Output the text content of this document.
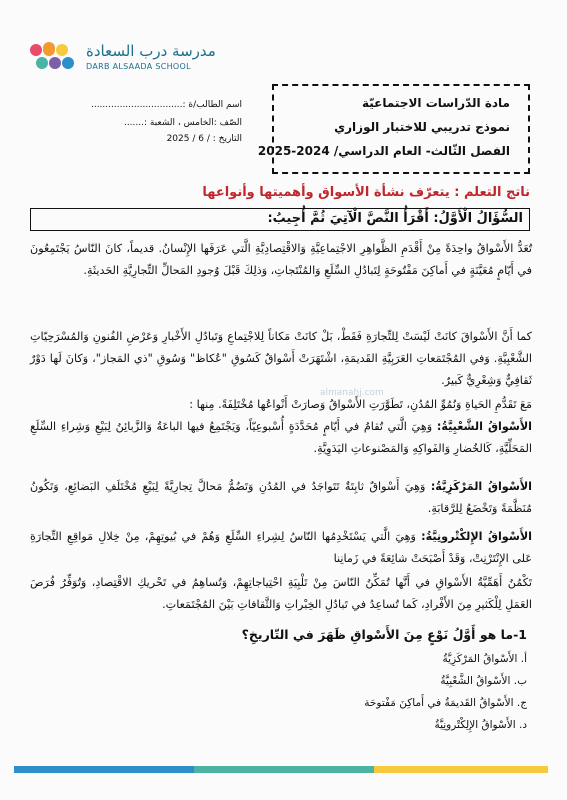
مدرسة درب السعادة
DARB ALSAADA SCHOOL
مادة الدّراسات الاجتماعيّة
نموذج تدريبي للاختبار الوزاري
الفصل الثّالث- العام الدراسي/ 2024-2025
اسم الطالب/ة :................................
الصّف :الخامس ، الشعبة :.......
التاريخ : / 6 / 2025
ناتج التعلم : يتعرّف نشأة الأسواق وأهميتها وأنواعها
السُّؤَالُ الْأَوَّلُ: أَقْرَأُ النَّصَّ الْآتِيَ ثُمَّ أُجِيبُ:
almanahj.com

تُعَدُّ الأَسْواقُ واحِدَةً مِنْ أَقْدَمِ الظَّواهِرِ الاجْتِماعِيَّةِ وَالاقْتِصادِيَّةِ الَّتي عَرَفَها الإِنْسانُ. قديماً، كانَ النّاسُ يَجْتَمِعُونَ في أَيّامٍ مُعَيَّنَةٍ في أَماكِنَ مَفْتُوحَةٍ لِتَبادُلِ السِّلَعِ وَالمُنْتَجاتِ، وَذلِكَ قَبْلَ وُجودِ المَحالِّ التِّجارِيَّةِ الحَديثَةِ.

كما أَنَّ الأَسْواقَ كانَتْ لَيْسَتْ لِلتِّجارَةِ فَقَطْ، بَلْ كانَتْ مَكاناً لِلاجْتِماعِ وَتَبادُلِ الأَخْبارِ وَعَرْضِ الفُنونِ وَالمُسْرَحِيّاتِ الشَّعْبِيَّةِ. وَفي المُجْتَمَعاتِ العَرَبِيَّةِ القَديمَةِ، اشْتَهَرَتْ أَسْواقٌ كَسُوقِ "عُكاظ" وَسُوقِ "ذي المَجاز"، وَكانَ لَها دَوْرٌ ثَقافِيٌّ وَشِعْرِيٌّ كَبيرٌ.

مَعَ تَقَدُّمِ الحَياةِ وَنُمُوِّ المُدُنِ، تَطَوَّرَتِ الأَسْواقُ وَصارَتْ أَنْواعُها مُخْتَلِفَةً. مِنها :

الأَسْواقُ الشَّعْبِيَّةُ: وَهِيَ الَّتي تُقامُ في أَيّامٍ مُحَدَّدَةٍ أُسْبوعِيّاً، وَيَجْتَمِعُ فيها الباعَةُ وَالزَّبائِنُ لِبَيْعِ وَشِراءِ السِّلَعِ المَحَلِّيَّةِ، كَالخُضارِ وَالفَواكِهِ وَالمَصْنوعاتِ اليَدَوِيَّةِ.

الأَسْواقُ المَرْكَزِيَّةُ: وَهِيَ أَسْواقٌ ثابِتَةٌ تَتَواجَدُ في المُدُنِ وَتَضُمُّ مَحالَّ تِجارِيَّةً لِبَيْعِ مُخْتَلَفِ البَضائِعِ، وَتَكُونُ مُنَظَّمَةً وَتَخْضَعُ لِلرَّقابَةِ.

الأَسْواقُ الإِلكْتْرونِيَّةُ: وَهِيَ الَّتي يَسْتَخْدِمُها النّاسُ لِشِراءِ السِّلَعِ وَهُمْ في بُيوتِهِمْ، مِنْ خِلالِ مَواقِعِ التِّجارَةِ عَلى الإِنْتَرْنِتْ، وَقَدْ أَصْبَحَتْ شائِعَةً في زَمانِنا

تَكْمُنُ أَهَمِّيَّةُ الأَسْواقِ في أَنَّها تُمَكِّنُ النّاسَ مِنْ تَلْبِيَةِ احْتِياجاتِهِمْ، وَتُساهِمُ في تَحْريكِ الاقْتِصادِ، وَتُوَفِّرُ فُرَصَ العَمَلِ لِلْكَثيرِ مِنَ الأَفْرادِ، كَما تُساعِدُ في تَبادُلِ الخِبْراتِ وَالثَّقافاتِ بَيْنَ المُجْتَمَعاتِ.

1-ما هو أَوَّلُ نَوْعٍ مِنَ الأَسْواقِ ظَهَرَ في التّاريخِ؟
أ. الأَسْواقُ المَرْكَزِيَّةُ
ب. الأَسْواقُ الشَّعْبِيَّةُ
ج. الأَسْواقُ القَديمَةُ في أَماكِنَ مَفْتوحَة
د. الأَسْواقُ الإِلِكْتْرونِيَّةُ
